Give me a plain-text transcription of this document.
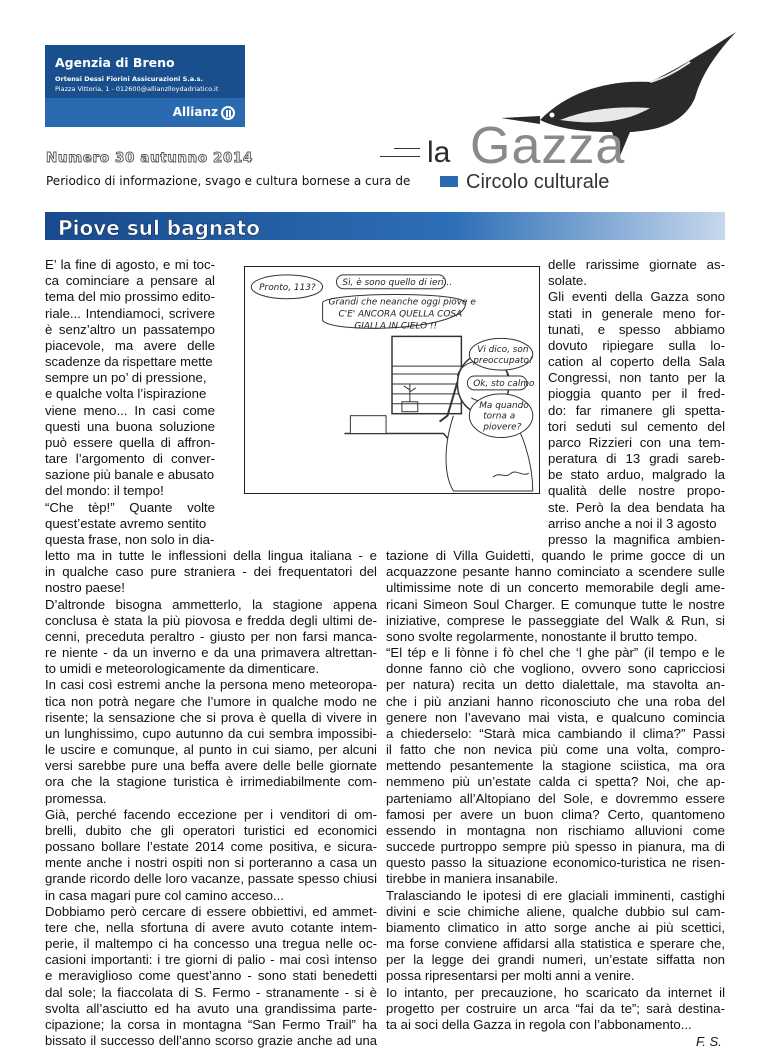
Agenzia di Breno
Ortensi Dessi Fiorini Assicurazioni S.a.s.
Piazza Vittoria, 1 - 012600@allianzlloydadriatico.it
Allianz
Numero 30 autunno 2014
Periodico di informazione, svago e cultura bornese a cura de
la Gazza
Circolo culturale
Piove sul bagnato
Pronto, 113?	Sì, è sono quello di ieri...
Grandi che neanche oggi piove e
C'E' ANCORA QUELLA COSA
GIALLA IN CIELO !!
Vi dico, son
preoccupato!
Ok, sto calmo
Ma quando
torna a
piovere?
F. S.
E’ la fine di agosto, e mi toc-
ca cominciare a pensare al
tema del mio prossimo edito-
riale... Intendiamoci, scrivere
è senz’altro un passatempo
piacevole, ma avere delle
scadenze da rispettare mette
sempre un po’ di pressione,
e qualche volta l’ispirazione
viene meno... In casi come
questi una buona soluzione
può essere quella di affron-
tare l’argomento di conver-
sazione più banale e abusato
del mondo: il tempo!
“Che tèp!” Quante volte
quest’estate avremo sentito
questa frase, non solo in dia-
letto ma in tutte le inflessioni della lingua italiana - e
in qualche caso pure straniera - dei frequentatori del
nostro paese!
D’altronde bisogna ammetterlo, la stagione appena
conclusa è stata la più piovosa e fredda degli ultimi de-
cenni, preceduta peraltro - giusto per non farsi manca-
re niente - da un inverno e da una primavera altrettan-
to umidi e meteorologicamente da dimenticare.
In casi così estremi anche la persona meno meteoropa-
tica non potrà negare che l’umore in qualche modo ne
risente; la sensazione che si prova è quella di vivere in
un lunghissimo, cupo autunno da cui sembra impossibi-
le uscire e comunque, al punto in cui siamo, per alcuni
versi sarebbe pure una beffa avere delle belle giornate
ora che la stagione turistica è irrimediabilmente com-
promessa.
Già, perché facendo eccezione per i venditori di om-
brelli, dubito che gli operatori turistici ed economici
possano bollare l’estate 2014 come positiva, e sicura-
mente anche i nostri ospiti non si porteranno a casa un
grande ricordo delle loro vacanze, passate spesso chiusi
in casa magari pure col camino acceso...
Dobbiamo però cercare di essere obbiettivi, ed ammet-
tere che, nella sfortuna di avere avuto cotante intem-
perie, il maltempo ci ha concesso una tregua nelle oc-
casioni importanti: i tre giorni di palio - mai così intenso
e meraviglioso come quest’anno - sono stati benedetti
dal sole; la fiaccolata di S. Fermo - stranamente - si è
svolta all’asciutto ed ha avuto una grandissima parte-
cipazione; la corsa in montagna “San Fermo Trail” ha
bissato il successo dell’anno scorso grazie anche ad una
delle rarissime giornate as-
solate.
Gli eventi della Gazza sono
stati in generale meno for-
tunati, e spesso abbiamo
dovuto ripiegare sulla lo-
cation al coperto della Sala
Congressi, non tanto per la
pioggia quanto per il fred-
do: far rimanere gli spetta-
tori seduti sul cemento del
parco Rizzieri con una tem-
peratura di 13 gradi sareb-
be stato arduo, malgrado la
qualità delle nostre propo-
ste. Però la dea bendata ha
arriso anche a noi il 3 agosto
presso la magnifica ambien-
tazione di Villa Guidetti, quando le prime gocce di un
acquazzone pesante hanno cominciato a scendere sulle
ultimissime note di un concerto memorabile degli ame-
ricani Simeon Soul Charger. E comunque tutte le nostre
iniziative, comprese le passeggiate del Walk & Run, si
sono svolte regolarmente, nonostante il brutto tempo.
“El tép e li fònne i fò chel che ‘l ghe pàr” (il tempo e le
donne fanno ciò che vogliono, ovvero sono capricciosi
per natura) recita un detto dialettale, ma stavolta an-
che i più anziani hanno riconosciuto che una roba del
genere non l’avevano mai vista, e qualcuno comincia
a chiederselo: “Starà mica cambiando il clima?” Passi
il fatto che non nevica più come una volta, compro-
mettendo pesantemente la stagione sciistica, ma ora
nemmeno più un’estate calda ci spetta? Noi, che ap-
parteniamo all’Altopiano del Sole, e dovremmo essere
famosi per avere un buon clima? Certo, quantomeno
essendo in montagna non rischiamo alluvioni come
succede purtroppo sempre più spesso in pianura, ma di
questo passo la situazione economico-turistica ne risen-
tirebbe in maniera insanabile.
Tralasciando le ipotesi di ere glaciali imminenti, castighi
divini e scie chimiche aliene, qualche dubbio sul cam-
biamento climatico in atto sorge anche ai più scettici,
ma forse conviene affidarsi alla statistica e sperare che,
per la legge dei grandi numeri, un’estate siffatta non
possa ripresentarsi per molti anni a venire.
Io intanto, per precauzione, ho scaricato da internet il
progetto per costruire un arca “fai da te”; sarà destina-
ta ai soci della Gazza in regola con l’abbonamento...
